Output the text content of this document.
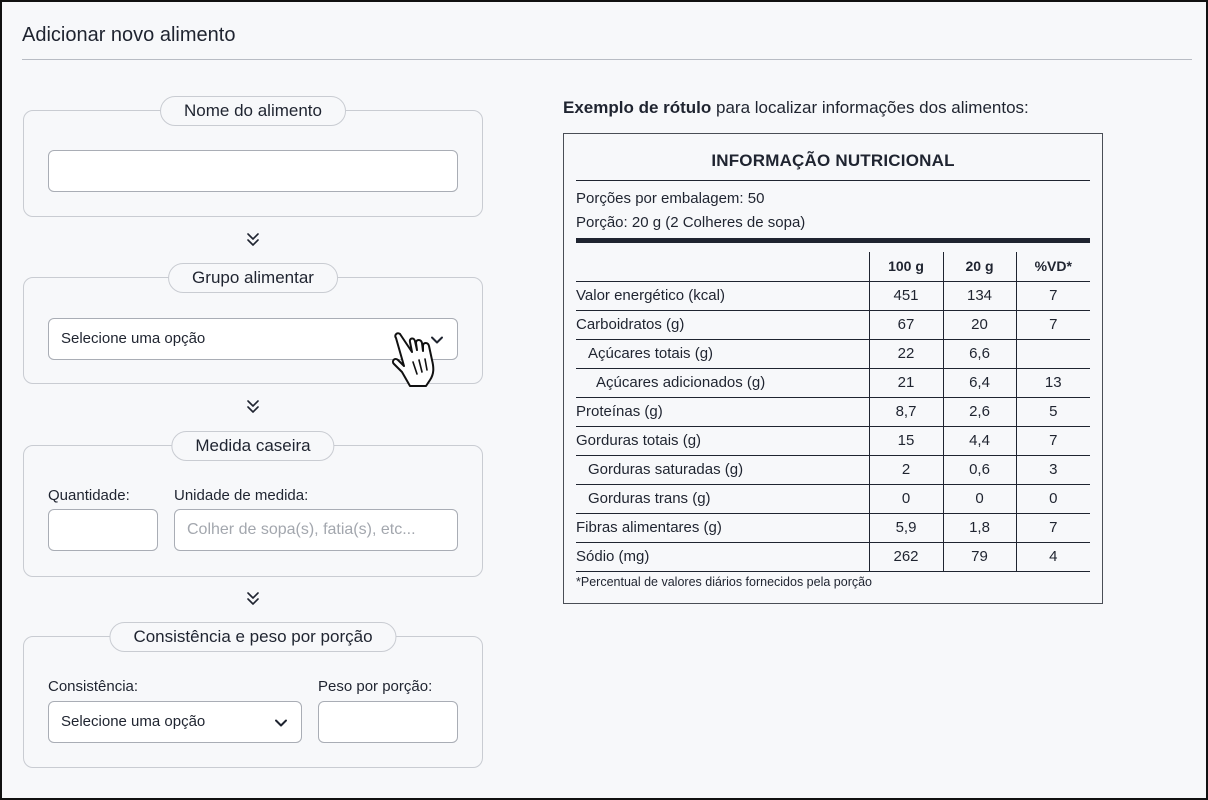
Adicionar novo alimento
Nome do alimento
Grupo alimentar
Selecione uma opção
Medida caseira
Quantidade:	Unidade de medida:
Colher de sopa(s), fatia(s), etc...
Consistência e peso por porção
Consistência:	Peso por porção:
Selecione uma opção
Exemplo de rótulo para localizar informações dos alimentos:
INFORMAÇÃO NUTRICIONAL
Porções por embalagem: 50
Porção: 20 g (2 Colheres de sopa)
	100 g	20 g	%VD*
Valor energético (kcal)	451	134	7
Carboidratos (g)	67	20	7
Açúcares totais (g)	22	6,6	
Açúcares adicionados (g)	21	6,4	13
Proteínas (g)	8,7	2,6	5
Gorduras totais (g)	15	4,4	7
Gorduras saturadas (g)	2	0,6	3
Gorduras trans (g)	0	0	0
Fibras alimentares (g)	5,9	1,8	7
Sódio (mg)	262	79	4
*Percentual de valores diários fornecidos pela porção
